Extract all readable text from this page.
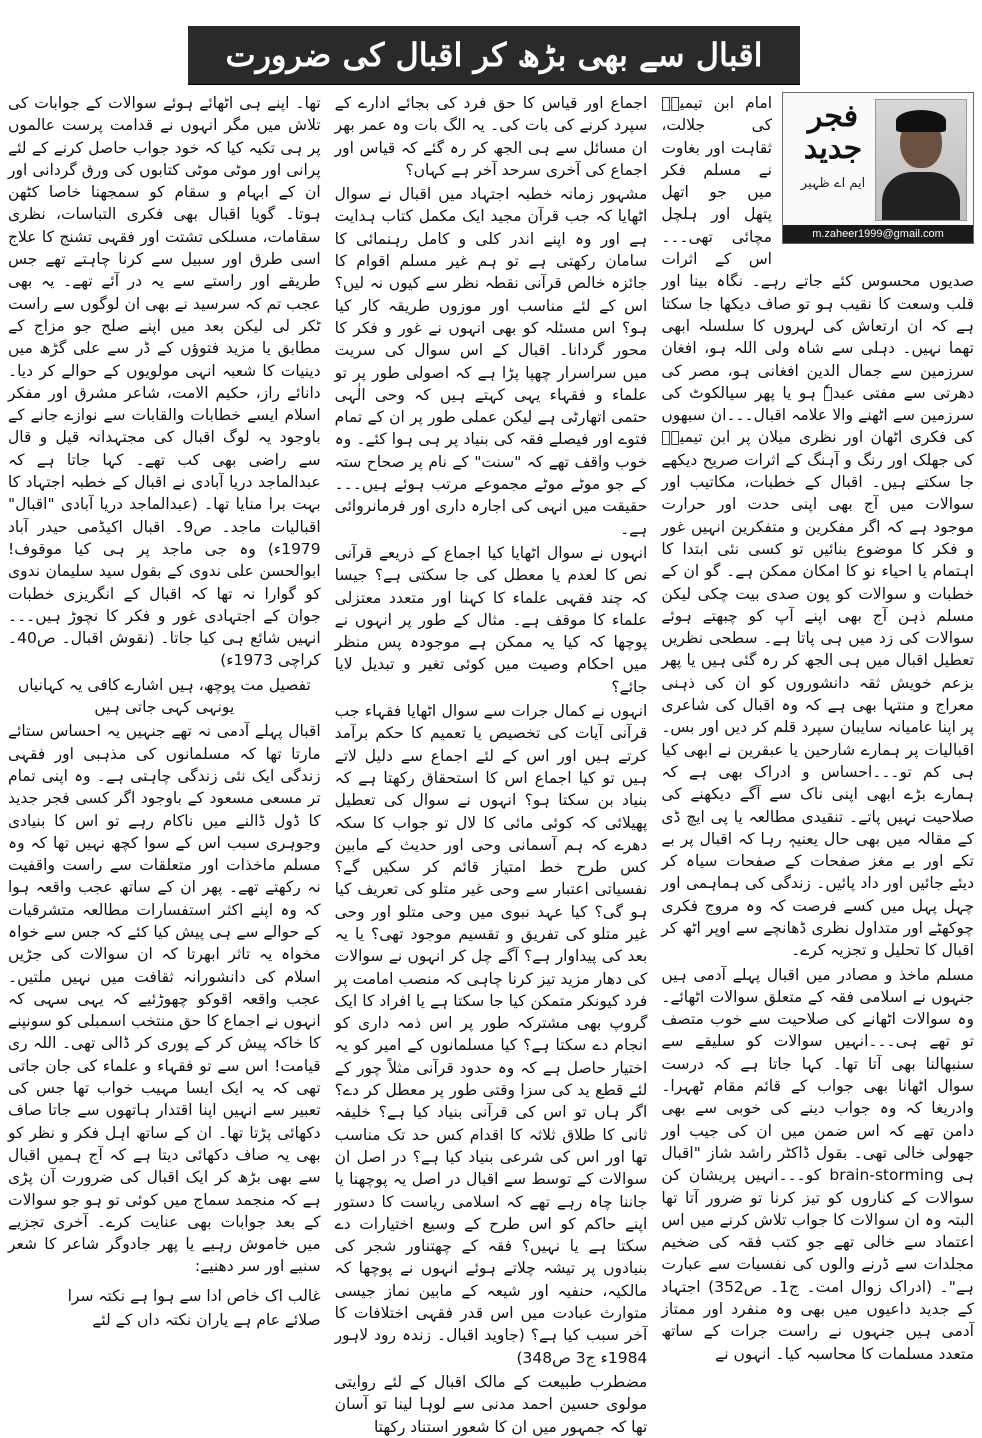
اقبال سے بھی بڑھ کر اقبال کی ضرورت
فجر جدید
ایم اے ظہیر
m.zaheer1999@gmail.com

امام ابن تیمیہؒ کی جلالت، ثقاہت اور بغاوت نے مسلم فکر میں جو اتھل پتھل اور ہلچل مچائی تھی۔۔۔اس کے اثرات صدیوں محسوس کئے جاتے رہے۔ نگاہ بینا اور قلب وسعت کا نقیب ہو تو صاف دیکھا جا سکتا ہے کہ ان ارتعاش کی لہروں کا سلسلہ ابھی تھما نہیں۔ دہلی سے شاہ ولی اللہ ہو، افغان سرزمین سے جمال الدین افغانی ہو، مصر کی دھرتی سے مفتی عبدہٗ ہو یا پھر سیالکوٹ کی سرزمین سے اٹھنے والا علامہ اقبال۔۔۔ان سبھوں کی فکری اٹھان اور نظری میلان پر ابن تیمیہؒ کی جھلک اور رنگ و آہنگ کے اثرات صریح دیکھے جا سکتے ہیں۔ اقبال کے خطبات، مکاتیب اور سوالات میں آج بھی اپنی حدت اور حرارت موجود ہے کہ اگر مفکرین و متفکرین انہیں غور و فکر کا موضوع بنائیں تو کسی نئی ابتدا کا اہتمام یا احیاء نو کا امکان ممکن ہے۔ گو ان کے خطبات و سوالات کو پون صدی بیت چکی لیکن مسلم ذہن آج بھی اپنے آپ کو چبھتے ہوئے سوالات کی زد میں ہی پاتا ہے۔ سطحی نظریں تعطیل اقبال میں ہی الجھ کر رہ گئی ہیں یا پھر بزعم خویش ثقہ دانشوروں کو ان کی ذہنی معراج و منتہا بھی ہے کہ وہ اقبال کی شاعری پر اپنا عامیانہ سایبان سپرد قلم کر دیں اور بس۔ اقبالیات پر ہمارے شارحین یا عبقرین نے ابھی کیا ہی کم تو۔۔۔احساس و ادراک بھی ہے کہ ہمارے بڑے ابھی اپنی ناک سے آگے دیکھنے کی صلاحیت نہیں پاتے۔ تنقیدی مطالعہ یا پی ایچ ڈی کے مقالہ میں بھی حال یعنیہٖ رہا کہ اقبال پر بے تکے اور بے مغز صفحات کے صفحات سیاہ کر دیئے جائیں اور داد پائیں۔ زندگی کی ہماہمی اور چہل پہل میں کسے فرصت کہ وہ مروج فکری چوکھٹے اور متداول نظری ڈھانچے سے اوپر اٹھ کر اقبال کا تحلیل و تجزیہ کرے۔

مسلم ماخذ و مصادر میں اقبال پہلے آدمی ہیں جنہوں نے اسلامی فقہ کے متعلق سوالات اٹھائے۔ وہ سوالات اٹھانے کی صلاحیت سے خوب متصف تو تھے ہی۔۔۔انہیں سوالات کو سلیقے سے سنبھالنا بھی آتا تھا۔ کہا جاتا ہے کہ درست سوال اٹھانا بھی جواب کے قائم مقام ٹھہرا۔ وادریغا کہ وہ جواب دینے کی خوبی سے بھی دامن تھے کہ اس ضمن میں ان کی جیب اور جھولی خالی تھی۔ بقول ڈاکٹر راشد شاز "اقبال ہی brain-storming کو۔۔۔انہیں پریشان کن سوالات کے کناروں کو تیز کرنا تو ضرور آتا تھا البتہ وہ ان سوالات کا جواب تلاش کرنے میں اس اعتماد سے خالی تھے جو کتب فقہ کی ضخیم مجلدات سے ڈرنے والوں کی نفسیات سے عبارت ہے"۔ (ادراک زوال امت۔ ج1۔ ص352) اجتہاد کے جدید داعیوں میں بھی وہ منفرد اور ممتاز آدمی ہیں جنہوں نے راست جرات کے ساتھ متعدد مسلمات کا محاسبہ کیا۔ انہوں نے

اجماع اور قیاس کا حق فرد کی بجائے ادارے کے سپرد کرنے کی بات کی۔ یہ الگ بات وہ عمر بھر ان مسائل سے ہی الجھ کر رہ گئے کہ قیاس اور اجماع کی آخری سرحد آخر ہے کہاں؟

مشہور زمانہ خطبہ اجتہاد میں اقبال نے سوال اٹھایا کہ جب قرآن مجید ایک مکمل کتاب ہدایت ہے اور وہ اپنے اندر کلی و کامل رہنمائی کا سامان رکھتی ہے تو ہم غیر مسلم اقوام کا جائزہ خالص قرآنی نقطہ نظر سے کیوں نہ لیں؟ اس کے لئے مناسب اور موزوں طریقہ کار کیا ہو؟ اس مسئلہ کو بھی انہوں نے غور و فکر کا محور گردانا۔ اقبال کے اس سوال کی سریت میں سراسرار چھپا پڑا ہے کہ اصولی طور پر تو علماء و فقہاء یہی کہتے ہیں کہ وحی الٰہی حتمی اتھارٹی ہے لیکن عملی طور پر ان کے تمام فتوے اور فیصلے فقہ کی بنیاد پر ہی ہوا کئے۔ وہ خوب واقف تھے کہ "سنت" کے نام پر صحاح ستہ کے جو موٹے موٹے مجموعے مرتب ہوئے ہیں۔۔۔حقیقت میں انہی کی اجارہ داری اور فرمانروائی ہے۔

انہوں نے سوال اٹھایا کیا اجماع کے ذریعے قرآنی نص کا لعدم یا معطل کی جا سکتی ہے؟ جیسا کہ چند فقہی علماء کا کہنا اور متعدد معتزلی علماء کا موقف ہے۔ مثال کے طور پر انہوں نے پوچھا کہ کیا یہ ممکن ہے موجودہ پس منظر میں احکام وصیت میں کوئی تغیر و تبدیل لایا جائے؟

انہوں نے کمال جرات سے سوال اٹھایا فقہاء جب قرآنی آیات کی تخصیص یا تعمیم کا حکم برآمد کرتے ہیں اور اس کے لئے اجماع سے دلیل لاتے ہیں تو کیا اجماع اس کا استحقاق رکھتا ہے کہ بنیاد بن سکتا ہو؟ انہوں نے سوال کی تعطیل پھیلائی کہ کوئی مائی کا لال تو جواب کا سکہ دھرے کہ ہم آسمانی وحی اور حدیث کے مابین کس طرح خط امتیاز قائم کر سکیں گے؟ نفسیاتی اعتبار سے وحی غیر متلو کی تعریف کیا ہو گی؟ کیا عہد نبوی میں وحی متلو اور وحی غیر متلو کی تفریق و تقسیم موجود تھی؟ یا یہ بعد کی پیداوار ہے؟ آگے چل کر انہوں نے سوالات کی دھار مزید تیز کرنا چاہی کہ منصب امامت پر فرد کیونکر متمکن کیا جا سکتا ہے یا افراد کا ایک گروپ بھی مشترکہ طور پر اس ذمہ داری کو انجام دے سکتا ہے؟ کیا مسلمانوں کے امیر کو یہ اختیار حاصل ہے کہ وہ حدود قرآنی مثلاً چور کے لئے قطع ید کی سزا وقتی طور پر معطل کر دے؟ اگر ہاں تو اس کی قرآنی بنیاد کیا ہے؟ خلیفہ ثانی کا طلاق ثلاثہ کا اقدام کس حد تک مناسب تھا اور اس کی شرعی بنیاد کیا ہے؟ در اصل ان سوالات کے توسط سے اقبال در اصل یہ پوچھنا یا جاننا چاہ رہے تھے کہ اسلامی ریاست کا دستور اپنے حاکم کو اس طرح کے وسیع اختیارات دے سکتا ہے یا نہیں؟ فقہ کے چھتناور شجر کی بنیادوں پر تیشہ چلاتے ہوئے انہوں نے پوچھا کہ مالکیہ، حنفیہ اور شیعہ کے مابین نماز جیسی متوارث عبادت میں اس قدر فقہی اختلافات کا آخر سبب کیا ہے؟ (جاوید اقبال۔ زندہ رود لاہور 1984ء ج3 ص348)

مضطرب طبیعت کے مالک اقبال کے لئے روایتی مولوی حسین احمد مدنی سے لوہا لینا تو آسان تھا کہ جمہور میں ان کا شعور استناد رکھتا

تھا۔ اپنے ہی اٹھائے ہوئے سوالات کے جوابات کی تلاش میں مگر انہوں نے قدامت پرست عالموں پر ہی تکیہ کیا کہ خود جواب حاصل کرنے کے لئے پرانی اور موٹی موٹی کتابوں کی ورق گردانی اور ان کے ابہام و سقام کو سمجھنا خاصا کٹھن ہوتا۔ گویا اقبال بھی فکری التباسات، نظری سقامات، مسلکی تشتت اور فقہی تشنج کا علاج اسی طرق اور سبیل سے کرنا چاہتے تھے جس طریقے اور راستے سے یہ در آئے تھے۔ یہ بھی عجب تم کہ سرسید نے بھی ان لوگوں سے راست ٹکر لی لیکن بعد میں اپنے صلح جو مزاج کے مطابق یا مزید فتوؤں کے ڈر سے علی گڑھ میں دینیات کا شعبہ انہی مولویوں کے حوالے کر دیا۔ دانائے راز، حکیم الامت، شاعر مشرق اور مفکر اسلام ایسے خطابات والقابات سے نوازے جانے کے باوجود یہ لوگ اقبال کی مجتہدانہ قیل و قال سے راضی بھی کب تھے۔ کہا جاتا ہے کہ عبدالماجد دریا آبادی نے اقبال کے خطبہ اجتہاد کا بہت برا منایا تھا۔ (عبدالماجد دریا آبادی "اقبال" اقبالیات ماجد۔ ص9۔ اقبال اکیڈمی حیدر آباد 1979ء) وہ جی ماجد پر ہی کیا موقوف! ابوالحسن علی ندوی کے بقول سید سلیمان ندوی کو گوارا نہ تھا کہ اقبال کے انگریزی خطبات جوان کے اجتہادی غور و فکر کا نچوڑ ہیں۔۔۔انہیں شائع ہی کیا جاتا۔ (نقوش اقبال۔ ص40۔ کراچی 1973ء)

تفصیل مت پوچھ، ہیں اشارے کافی یہ کہانیاں یونہی کہی جاتی ہیں

اقبال پہلے آدمی نہ تھے جنہیں یہ احساس ستائے مارتا تھا کہ مسلمانوں کی مذہبی اور فقہی زندگی ایک نئی زندگی چاہتی ہے۔ وہ اپنی تمام تر مسعی مسعود کے باوجود اگر کسی فجر جدید کا ڈول ڈالنے میں ناکام رہے تو اس کا بنیادی وجوہری سبب اس کے سوا کچھ نہیں تھا کہ وہ مسلم ماخذات اور متعلقات سے راست واقفیت نہ رکھتے تھے۔ پھر ان کے ساتھ عجب واقعہ ہوا کہ وہ اپنے اکثر استفسارات مطالعہ متشرقیات کے حوالے سے ہی پیش کیا کئے کہ جس سے خواہ مخواہ یہ تاثر ابھرتا کہ ان سوالات کی جڑیں اسلام کی دانشورانہ ثقافت میں نہیں ملتیں۔ عجب واقعہ اقوکو چھوڑئیے کہ یہی سہی کہ انہوں نے اجماع کا حق منتخب اسمبلی کو سونپنے کا خاکہ پیش کر کے پوری کر ڈالی تھی۔ اللہ ری قیامت! اس سے تو فقہاء و علماء کی جان جاتی تھی کہ یہ ایک ایسا مہیب خواب تھا جس کی تعبیر سے انہیں اپنا اقتدار ہاتھوں سے جاتا صاف دکھائی پڑتا تھا۔ ان کے ساتھ اہل فکر و نظر کو بھی یہ صاف دکھائی دیتا ہے کہ آج ہمیں اقبال سے بھی بڑھ کر ایک اقبال کی ضرورت آن پڑی ہے کہ منجمد سماج میں کوئی تو ہو جو سوالات کے بعد جوابات بھی عنایت کرے۔ آخری تجزیے میں خاموش رہیے یا پھر جادوگر شاعر کا شعر سنیے اور سر دھنیے:

غالب اک خاص ادا سے ہوا ہے نکتہ سرا
صلائے عام ہے یاران نکتہ داں کے لئے
